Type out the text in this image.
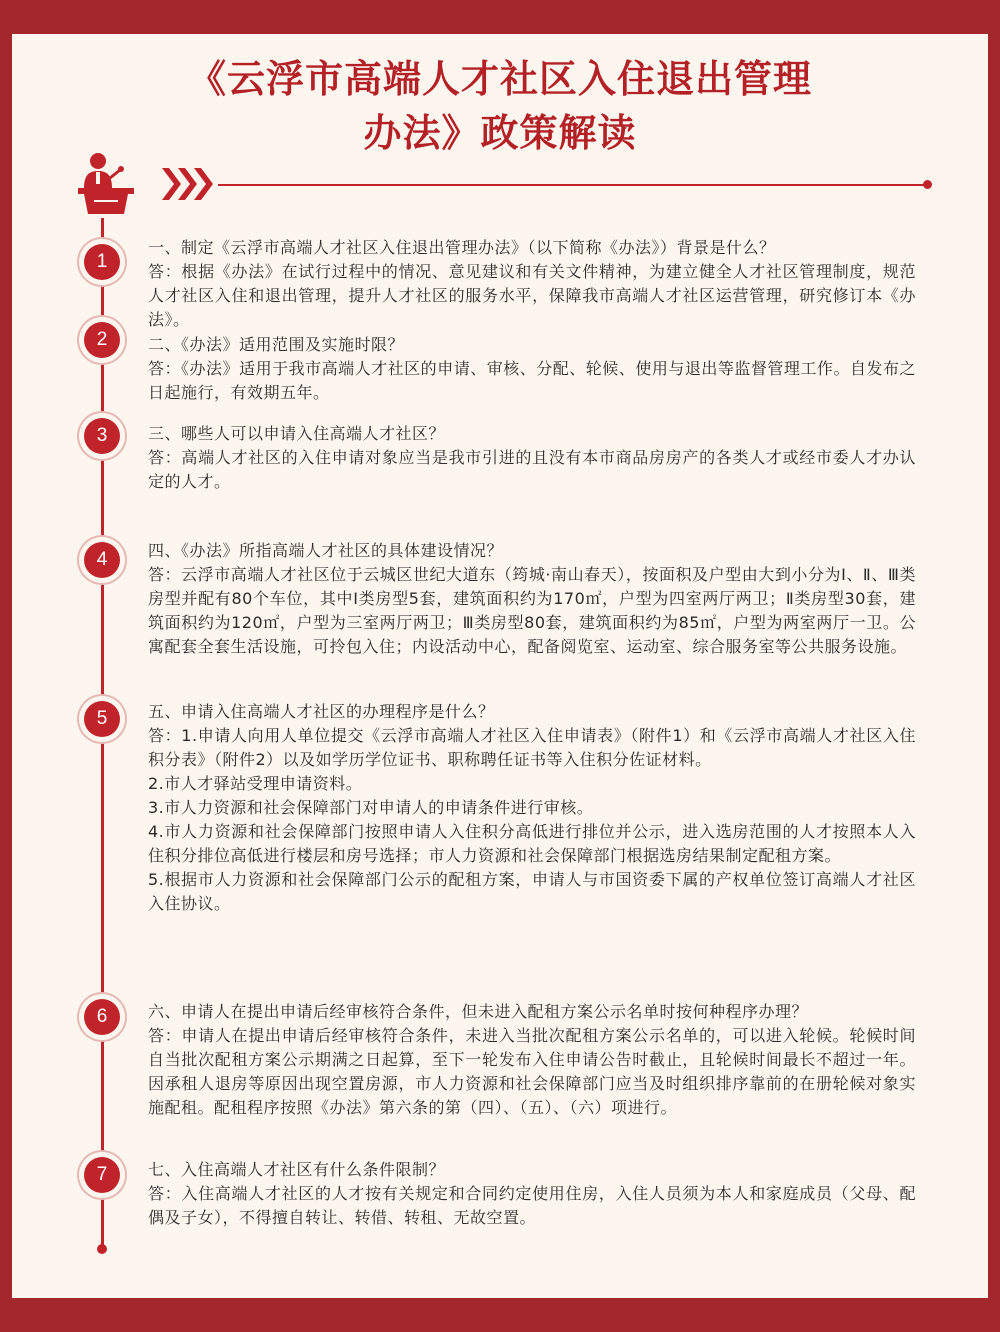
《云浮市高端人才社区入住退出管理
办法》政策解读
1
2
3
4
5
6
7

一、制定《云浮市高端人才社区入住退出管理办法》（以下简称《办法》）背景是什么？

答：根据《办法》在试行过程中的情况、意见建议和有关文件精神，为建立健全人才社区管理制度，规范人才社区入住和退出管理，提升人才社区的服务水平，保障我市高端人才社区运营管理，研究修订本《办法》。

二、《办法》适用范围及实施时限？

答：《办法》适用于我市高端人才社区的申请、审核、分配、轮候、使用与退出等监督管理工作。自发布之日起施行，有效期五年。

三、哪些人可以申请入住高端人才社区？

答：高端人才社区的入住申请对象应当是我市引进的且没有本市商品房房产的各类人才或经市委人才办认定的人才。

四、《办法》所指高端人才社区的具体建设情况？

答：云浮市高端人才社区位于云城区世纪大道东（筠城·南山春天），按面积及户型由大到小分为Ⅰ、Ⅱ、Ⅲ类房型并配有80个车位，其中Ⅰ类房型5套，建筑面积约为170㎡，户型为四室两厅两卫；Ⅱ类房型30套，建筑面积约为120㎡，户型为三室两厅两卫；Ⅲ类房型80套，建筑面积约为85㎡，户型为两室两厅一卫。公寓配套全套生活设施，可拎包入住；内设活动中心，配备阅览室、运动室、综合服务室等公共服务设施。

五、申请入住高端人才社区的办理程序是什么？

答：1.申请人向用人单位提交《云浮市高端人才社区入住申请表》（附件1）和《云浮市高端人才社区入住积分表》（附件2）以及如学历学位证书、职称聘任证书等入住积分佐证材料。

2.市人才驿站受理申请资料。

3.市人力资源和社会保障部门对申请人的申请条件进行审核。

4.市人力资源和社会保障部门按照申请人入住积分高低进行排位并公示，进入选房范围的人才按照本人入住积分排位高低进行楼层和房号选择；市人力资源和社会保障部门根据选房结果制定配租方案。

5.根据市人力资源和社会保障部门公示的配租方案，申请人与市国资委下属的产权单位签订高端人才社区入住协议。

六、申请人在提出申请后经审核符合条件，但未进入配租方案公示名单时按何种程序办理？

答：申请人在提出申请后经审核符合条件，未进入当批次配租方案公示名单的，可以进入轮候。轮候时间自当批次配租方案公示期满之日起算，至下一轮发布入住申请公告时截止，且轮候时间最长不超过一年。因承租人退房等原因出现空置房源，市人力资源和社会保障部门应当及时组织排序靠前的在册轮候对象实施配租。配租程序按照《办法》第六条的第（四）、（五）、（六）项进行。

七、入住高端人才社区有什么条件限制？

答：入住高端人才社区的人才按有关规定和合同约定使用住房，入住人员须为本人和家庭成员（父母、配偶及子女），不得擅自转让、转借、转租、无故空置。
